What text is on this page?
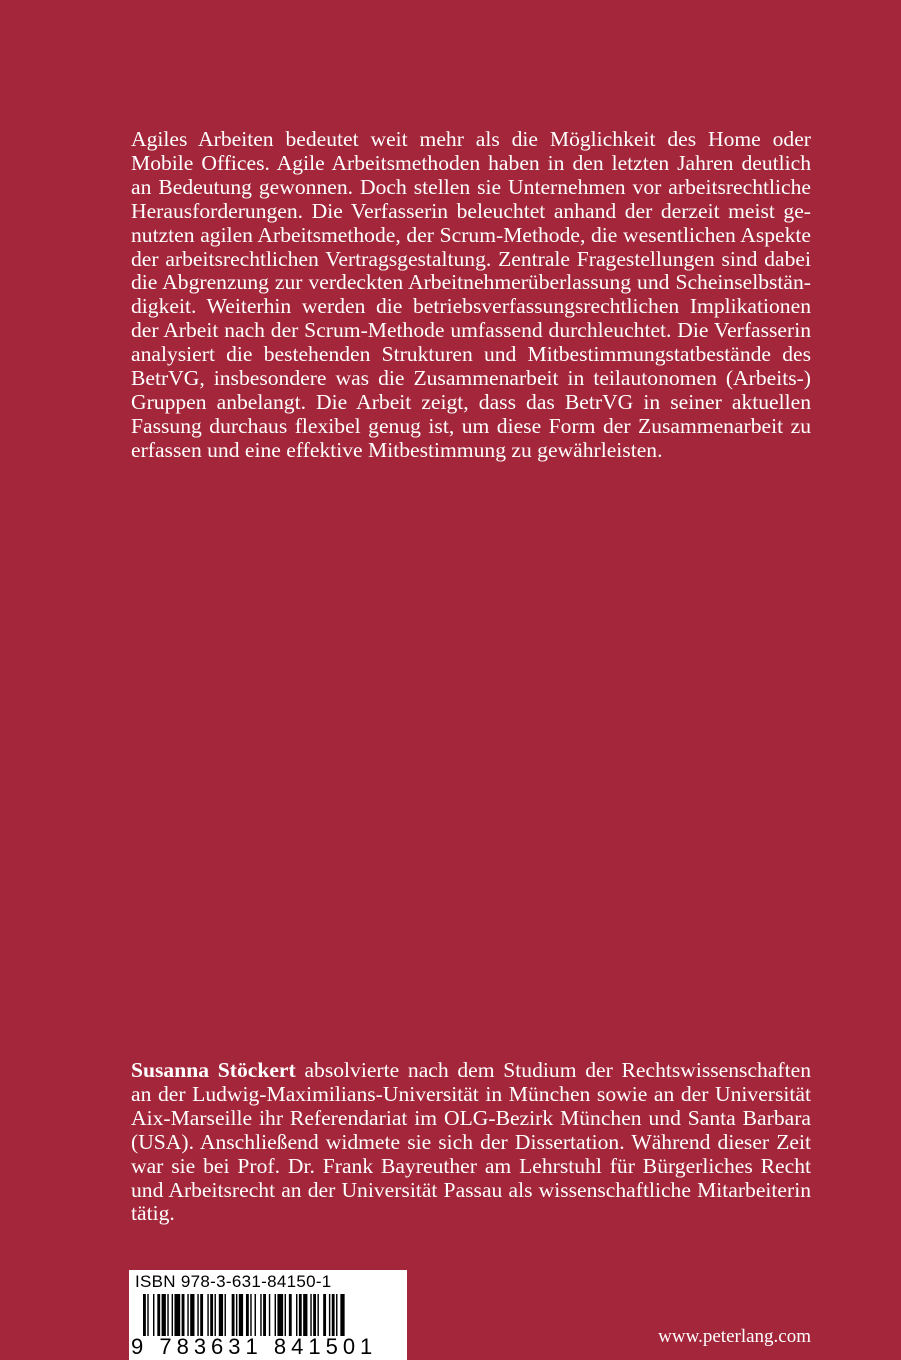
Agiles Arbeiten bedeutet weit mehr als die Möglichkeit des Home oder Mobile Offices. Agile Arbeitsmethoden haben in den letzten Jahren deutlich an Bedeutung gewonnen. Doch stellen sie Unternehmen vor arbeitsrechtliche Herausforderungen. Die Verfasserin beleuchtet anhand der derzeit meist genutzten agilen Arbeitsmethode, der Scrum-Methode, die wesentlichen Aspekte der arbeitsrechtlichen Vertragsgestaltung. Zentrale Fragestellungen sind dabei die Abgrenzung zur verdeckten Arbeitnehmerüberlassung und Scheinselbständigkeit. Weiterhin werden die betriebsverfassungsrechtlichen Implikationen der Arbeit nach der Scrum-Methode umfassend durchleuchtet. Die Verfasserin analysiert die bestehenden Strukturen und Mitbestimmungstatbestände des BetrVG, insbesondere was die Zusammenarbeit in teilautonomen (Arbeits-) Gruppen anbelangt. Die Arbeit zeigt, dass das BetrVG in seiner aktuellen Fassung durchaus flexibel genug ist, um diese Form der Zusammenarbeit zu erfassen und eine effektive Mitbestimmung zu gewährleisten.

Susanna Stöckert absolvierte nach dem Studium der Rechtswissenschaften an der Ludwig-Maximilians-Universität in München sowie an der Universität Aix-Marseille ihr Referendariat im OLG-Bezirk München und Santa Barbara (USA). Anschließend widmete sie sich der Dissertation. Während dieser Zeit war sie bei Prof. Dr. Frank Bayreuther am Lehrstuhl für Bürgerliches Recht und Arbeitsrecht an der Universität Passau als wissenschaftliche Mitarbeiterin tätig.

ISBN 978-3-631-84150-1
9 783631 841501	www.peterlang.com
